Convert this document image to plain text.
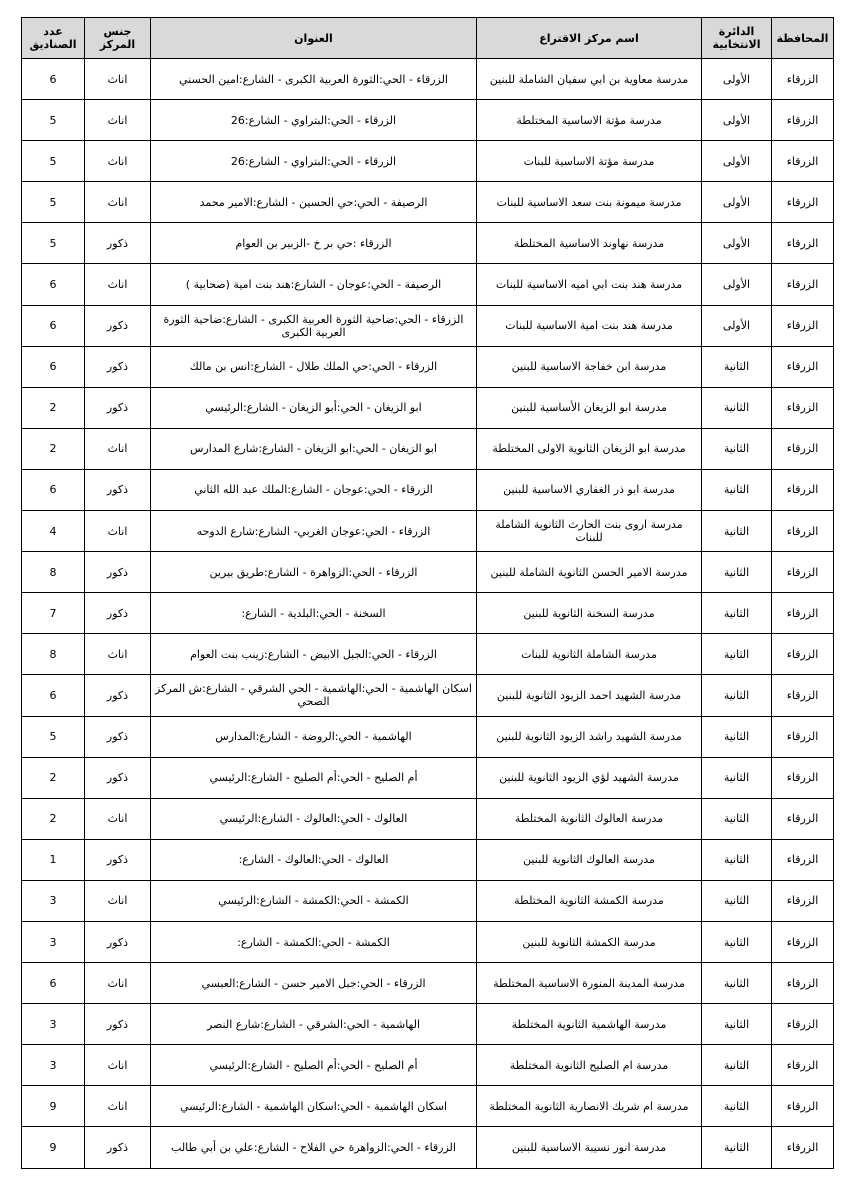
المحافظة	الدائرة الانتخابية	اسم مركز الاقتراع	العنوان	جنس المركز	عدد الصناديق
الزرقاء	الأولى	مدرسة معاوية بن ابي سفيان الشاملة للبنين	الزرقاء - الحي:الثورة العربية الكبرى - الشارع:امين الحسني	اناث	6
الزرقاء	الأولى	مدرسة مؤتة الاساسية المختلطة	الزرقاء - الحي:البتراوي - الشارع:26	اناث	5
الزرقاء	الأولى	مدرسة مؤتة الاساسية للبنات	الزرقاء - الحي:البتراوي - الشارع:26	اناث	5
الزرقاء	الأولى	مدرسة ميمونة بنت سعد الاساسية للبنات	الرصيفة - الحي:حي الحسين - الشارع:الامير محمد	اناث	5
الزرقاء	الأولى	مدرسة نهاوند الاساسية المختلطة	الزرقاء :حي بر خ -الزبير بن العوام	ذكور	5
الزرقاء	الأولى	مدرسة هند بنت ابي اميه الاساسية للبنات	الرصيفة - الحي:عوجان - الشارع:هند بنت امية (صحابية )	اناث	6
الزرقاء	الأولى	مدرسة هند بنت امية الاساسية للبنات	الزرقاء - الحي:ضاحية الثورة العربية الكبرى - الشارع:ضاحية الثورة العربية الكبرى	ذكور	6
الزرقاء	الثانية	مدرسة ابن خفاجة الاساسية للبنين	الزرقاء - الحي:حي الملك طلال - الشارع:انس بن مالك	ذكور	6
الزرقاء	الثانية	مدرسة ابو الزيغان الأساسية للبنين	ابو الزيغان - الحي:أبو الزيغان - الشارع:الرئيسي	ذكور	2
الزرقاء	الثانية	مدرسة ابو الزيغان الثانوية الاولى المختلطة	ابو الزيغان - الحي:ابو الزيغان - الشارع:شارع المدارس	اناث	2
الزرقاء	الثانية	مدرسة ابو ذر الغفاري الاساسية للبنين	الزرقاء - الحي:عوجان - الشارع:الملك عبد الله الثاني	ذكور	6
الزرقاء	الثانية	مدرسة اروى بنت الحارث الثانوية الشاملة للبنات	الزرقاء - الحي:عوجان الغربي- الشارع:شارع الدوحه	اناث	4
الزرقاء	الثانية	مدرسة الامير الحسن الثانوية الشاملة للبنين	الزرقاء - الحي:الزواهرة - الشارع:طريق بيرين	ذكور	8
الزرقاء	الثانية	مدرسة السخنة الثانوية للبنين	السخنة - الحي:البلدية - الشارع:	ذكور	7
الزرقاء	الثانية	مدرسة الشاملة الثانوية للبنات	الزرقاء - الحي:الجبل الابيض - الشارع:زينب بنت العوام	اناث	8
الزرقاء	الثانية	مدرسة الشهيد احمد الزيود الثانوية للبنين	اسكان الهاشمية - الحي:الهاشمية - الحي الشرقي - الشارع:ش المركز الصحي	ذكور	6
الزرقاء	الثانية	مدرسة الشهيد راشد الزيود الثانوية للبنين	الهاشمية - الحي:الروضة - الشارع:المدارس	ذكور	5
الزرقاء	الثانية	مدرسة الشهيد لؤي الزيود الثانوية للبنين	أم الصليح - الحي:أم الصليح - الشارع:الرئيسي	ذكور	2
الزرقاء	الثانية	مدرسة العالوك الثانوية المختلطة	العالوك - الحي:العالوك - الشارع:الرئيسي	اناث	2
الزرقاء	الثانية	مدرسة العالوك الثانوية للبنين	العالوك - الحي:العالوك - الشارع:	ذكور	1
الزرقاء	الثانية	مدرسة الكمشة الثانوية المختلطة	الكمشة - الحي:الكمشة - الشارع:الرئيسي	اناث	3
الزرقاء	الثانية	مدرسة الكمشة الثانوية للبنين	الكمشة - الحي:الكمشة - الشارع:	ذكور	3
الزرقاء	الثانية	مدرسة المدينة المنورة الاساسية المختلطة	الزرقاء - الحي:جبل الامير حسن - الشارع:العبسي	اناث	6
الزرقاء	الثانية	مدرسة الهاشمية الثانوية المختلطة	الهاشمية - الحي:الشرقي - الشارع:شارع النصر	ذكور	3
الزرقاء	الثانية	مدرسة ام الصليح الثانوية المختلطة	أم الصليح - الحي:أم الصليح - الشارع:الرئيسي	اناث	3
الزرقاء	الثانية	مدرسة ام شريك الانصارية الثانوية المختلطة	اسكان الهاشمية - الحي:اسكان الهاشمية - الشارع:الرئيسي	اناث	9
الزرقاء	الثانية	مدرسة انور نسيبة الاساسية للبنين	الزرقاء - الحي:الزواهرة حي الفلاح - الشارع:علي بن أبي طالب	ذكور	9
